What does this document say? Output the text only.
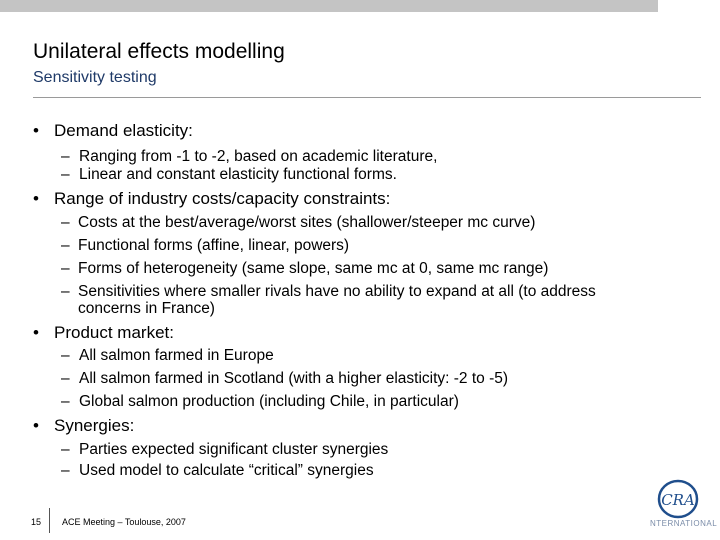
Unilateral effects modelling
Sensitivity testing
• Demand elasticity:
– Ranging from -1 to -2, based on academic literature,
– Linear and constant elasticity functional forms.
• Range of industry costs/capacity constraints:
– Costs at the best/average/worst sites (shallower/steeper mc curve)
– Functional forms (affine, linear, powers)
– Forms of heterogeneity (same slope, same mc at 0, same mc range)
– Sensitivities where smaller rivals have no ability to expand at all (to address
concerns in France)
• Product market:
– All salmon farmed in Europe
– All salmon farmed in Scotland (with a higher elasticity: -2 to -5)
– Global salmon production (including Chile, in particular)
• Synergies:
– Parties expected significant cluster synergies
– Used model to calculate “critical” synergies
15 ACE Meeting – Toulouse, 2007
CRA
NTERNATIONAL
